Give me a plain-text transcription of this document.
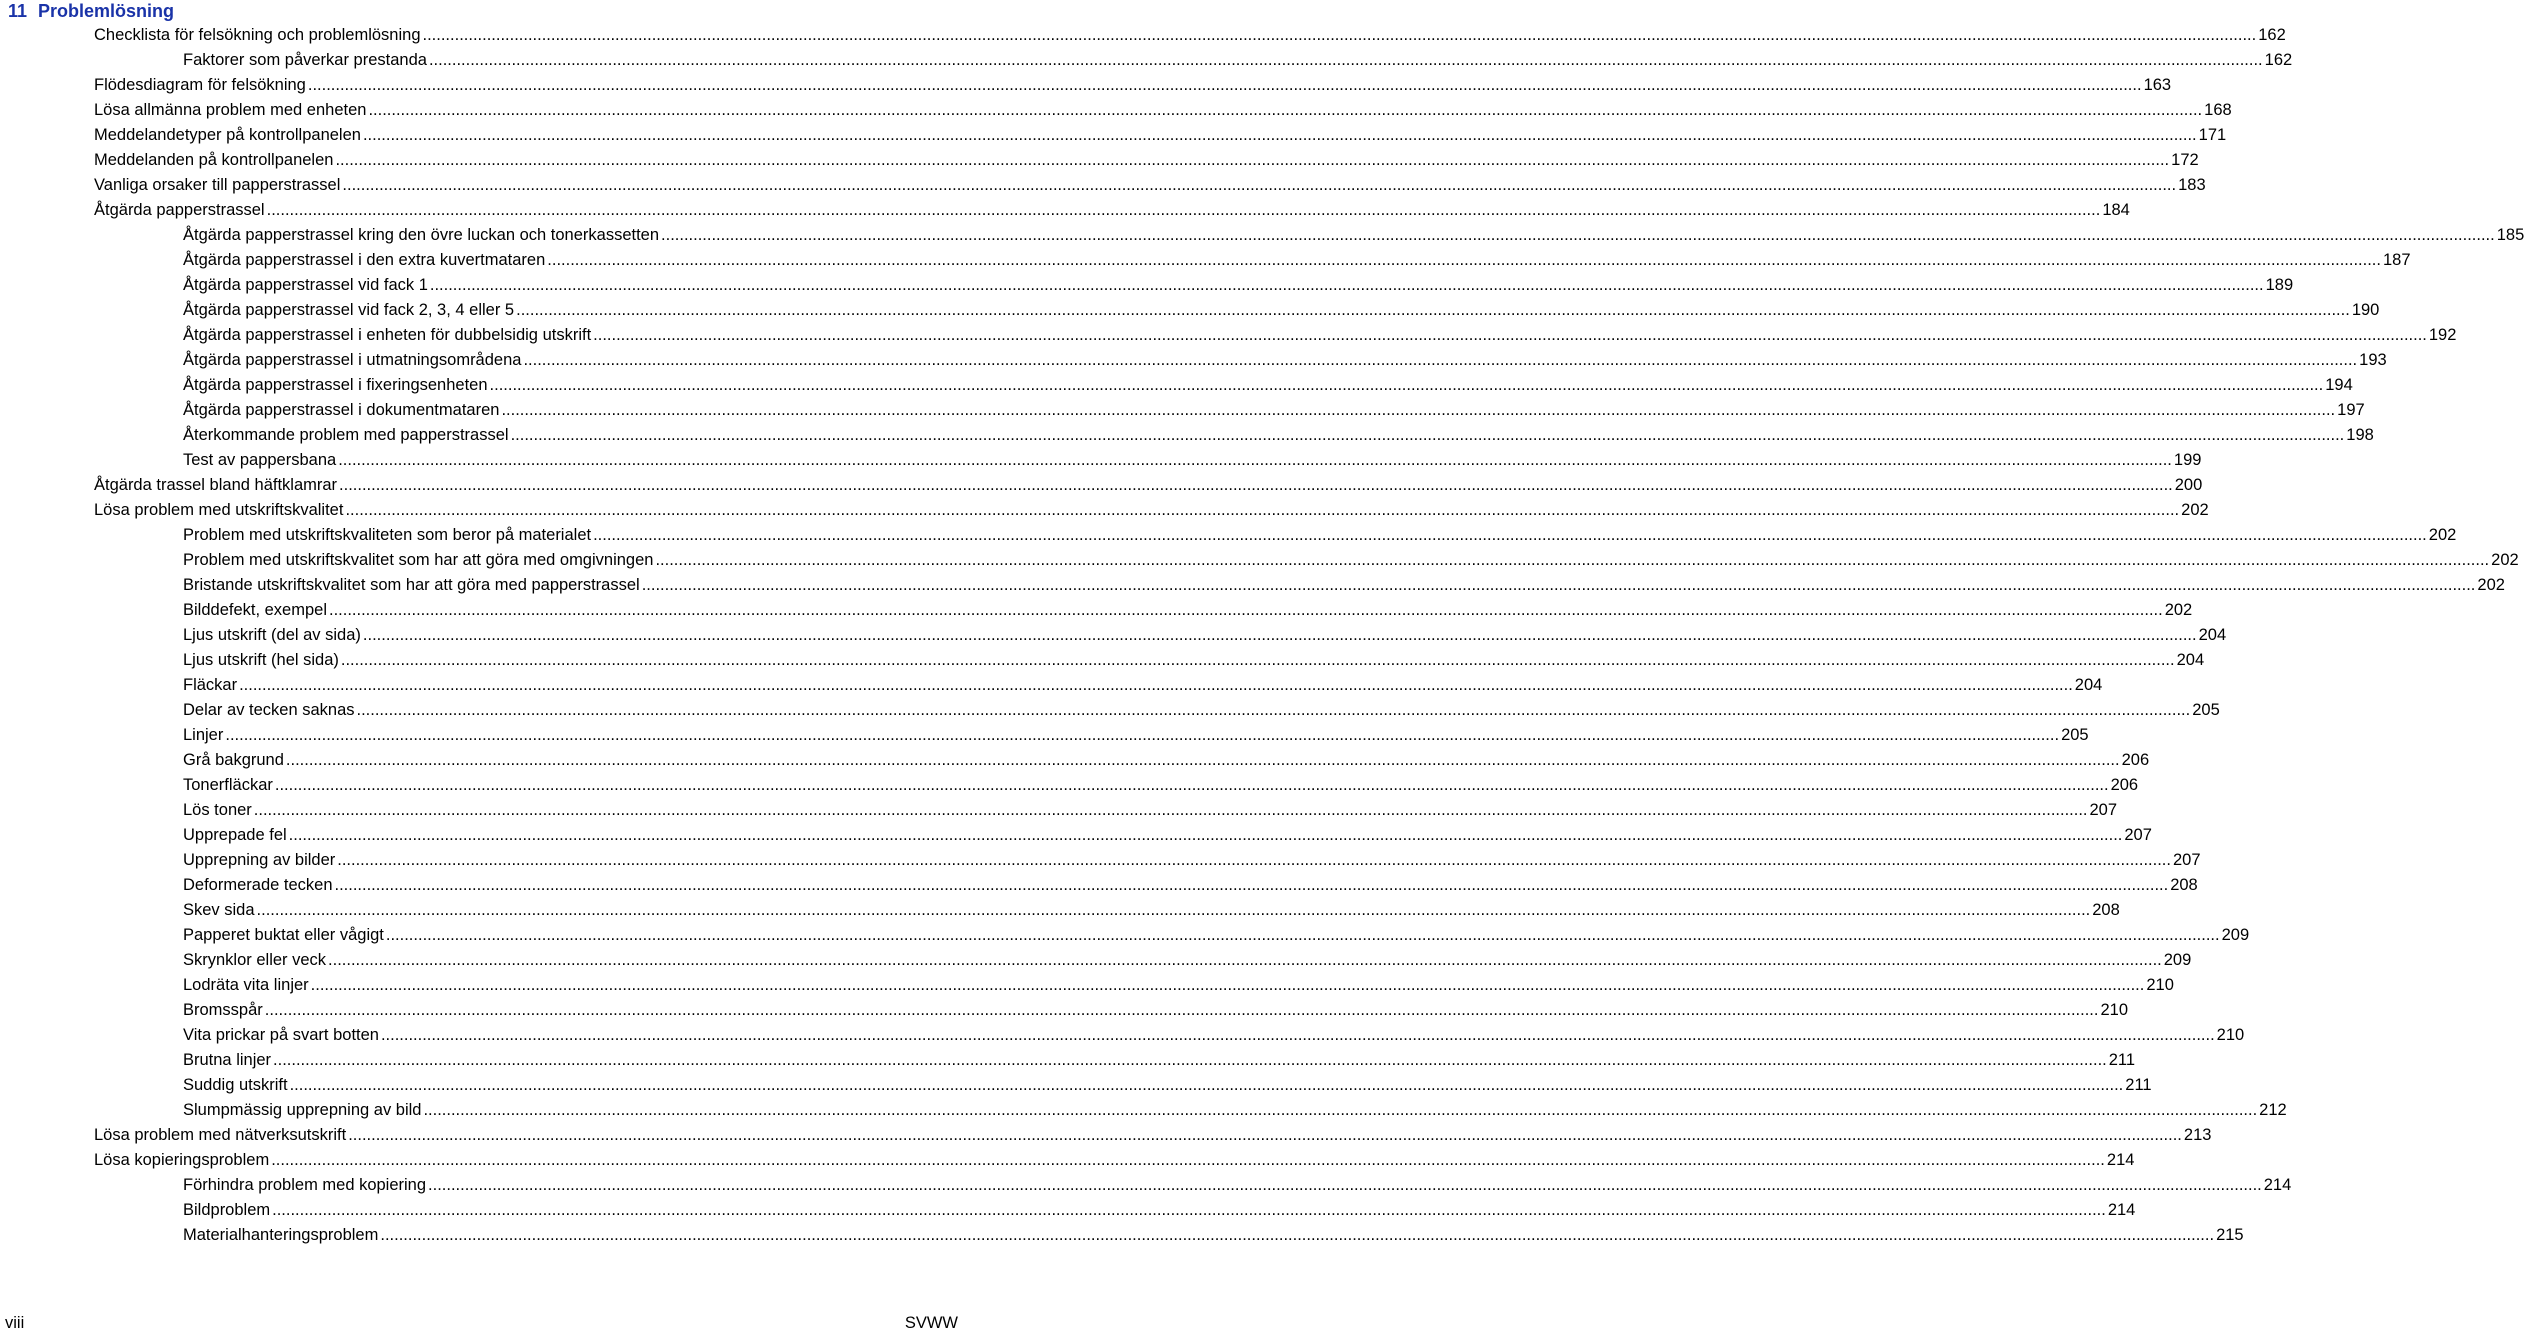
11 Problemlösning
Checklista för felsökning och problemlösning ................................................................................................................................................................................................................................................................................................................................................................................................................ 162
Faktorer som påverkar prestanda ................................................................................................................................................................................................................................................................................................................................................................................................................ 162
Flödesdiagram för felsökning ................................................................................................................................................................................................................................................................................................................................................................................................................ 163
Lösa allmänna problem med enheten ................................................................................................................................................................................................................................................................................................................................................................................................................ 168
Meddelandetyper på kontrollpanelen ................................................................................................................................................................................................................................................................................................................................................................................................................ 171
Meddelanden på kontrollpanelen ................................................................................................................................................................................................................................................................................................................................................................................................................ 172
Vanliga orsaker till papperstrassel ................................................................................................................................................................................................................................................................................................................................................................................................................ 183
Åtgärda papperstrassel ................................................................................................................................................................................................................................................................................................................................................................................................................ 184
Åtgärda papperstrassel kring den övre luckan och tonerkassetten ................................................................................................................................................................................................................................................................................................................................................................................................................ 185
Åtgärda papperstrassel i den extra kuvertmataren ................................................................................................................................................................................................................................................................................................................................................................................................................ 187
Åtgärda papperstrassel vid fack 1 ................................................................................................................................................................................................................................................................................................................................................................................................................ 189
Åtgärda papperstrassel vid fack 2, 3, 4 eller 5 ................................................................................................................................................................................................................................................................................................................................................................................................................ 190
Åtgärda papperstrassel i enheten för dubbelsidig utskrift ................................................................................................................................................................................................................................................................................................................................................................................................................ 192
Åtgärda papperstrassel i utmatningsområdena ................................................................................................................................................................................................................................................................................................................................................................................................................ 193
Åtgärda papperstrassel i fixeringsenheten ................................................................................................................................................................................................................................................................................................................................................................................................................ 194
Åtgärda papperstrassel i dokumentmataren ................................................................................................................................................................................................................................................................................................................................................................................................................ 197
Återkommande problem med papperstrassel ................................................................................................................................................................................................................................................................................................................................................................................................................ 198
Test av pappersbana ................................................................................................................................................................................................................................................................................................................................................................................................................ 199
Åtgärda trassel bland häftklamrar ................................................................................................................................................................................................................................................................................................................................................................................................................ 200
Lösa problem med utskriftskvalitet ................................................................................................................................................................................................................................................................................................................................................................................................................ 202
Problem med utskriftskvaliteten som beror på materialet ................................................................................................................................................................................................................................................................................................................................................................................................................ 202
Problem med utskriftskvalitet som har att göra med omgivningen ................................................................................................................................................................................................................................................................................................................................................................................................................ 202
Bristande utskriftskvalitet som har att göra med papperstrassel ................................................................................................................................................................................................................................................................................................................................................................................................................ 202
Bilddefekt, exempel ................................................................................................................................................................................................................................................................................................................................................................................................................ 202
Ljus utskrift (del av sida) ................................................................................................................................................................................................................................................................................................................................................................................................................ 204
Ljus utskrift (hel sida) ................................................................................................................................................................................................................................................................................................................................................................................................................ 204
Fläckar ................................................................................................................................................................................................................................................................................................................................................................................................................ 204
Delar av tecken saknas ................................................................................................................................................................................................................................................................................................................................................................................................................ 205
Linjer ................................................................................................................................................................................................................................................................................................................................................................................................................ 205
Grå bakgrund ................................................................................................................................................................................................................................................................................................................................................................................................................ 206
Tonerfläckar ................................................................................................................................................................................................................................................................................................................................................................................................................ 206
Lös toner ................................................................................................................................................................................................................................................................................................................................................................................................................ 207
Upprepade fel ................................................................................................................................................................................................................................................................................................................................................................................................................ 207
Upprepning av bilder ................................................................................................................................................................................................................................................................................................................................................................................................................ 207
Deformerade tecken ................................................................................................................................................................................................................................................................................................................................................................................................................ 208
Skev sida ................................................................................................................................................................................................................................................................................................................................................................................................................ 208
Papperet buktat eller vågigt ................................................................................................................................................................................................................................................................................................................................................................................................................ 209
Skrynklor eller veck ................................................................................................................................................................................................................................................................................................................................................................................................................ 209
Lodräta vita linjer ................................................................................................................................................................................................................................................................................................................................................................................................................ 210
Bromsspår ................................................................................................................................................................................................................................................................................................................................................................................................................ 210
Vita prickar på svart botten ................................................................................................................................................................................................................................................................................................................................................................................................................ 210
Brutna linjer ................................................................................................................................................................................................................................................................................................................................................................................................................ 211
Suddig utskrift ................................................................................................................................................................................................................................................................................................................................................................................................................ 211
Slumpmässig upprepning av bild ................................................................................................................................................................................................................................................................................................................................................................................................................ 212
Lösa problem med nätverksutskrift ................................................................................................................................................................................................................................................................................................................................................................................................................ 213
Lösa kopieringsproblem ................................................................................................................................................................................................................................................................................................................................................................................................................ 214
Förhindra problem med kopiering ................................................................................................................................................................................................................................................................................................................................................................................................................ 214
Bildproblem ................................................................................................................................................................................................................................................................................................................................................................................................................ 214
Materialhanteringsproblem ................................................................................................................................................................................................................................................................................................................................................................................................................ 215
viii	SVWW
